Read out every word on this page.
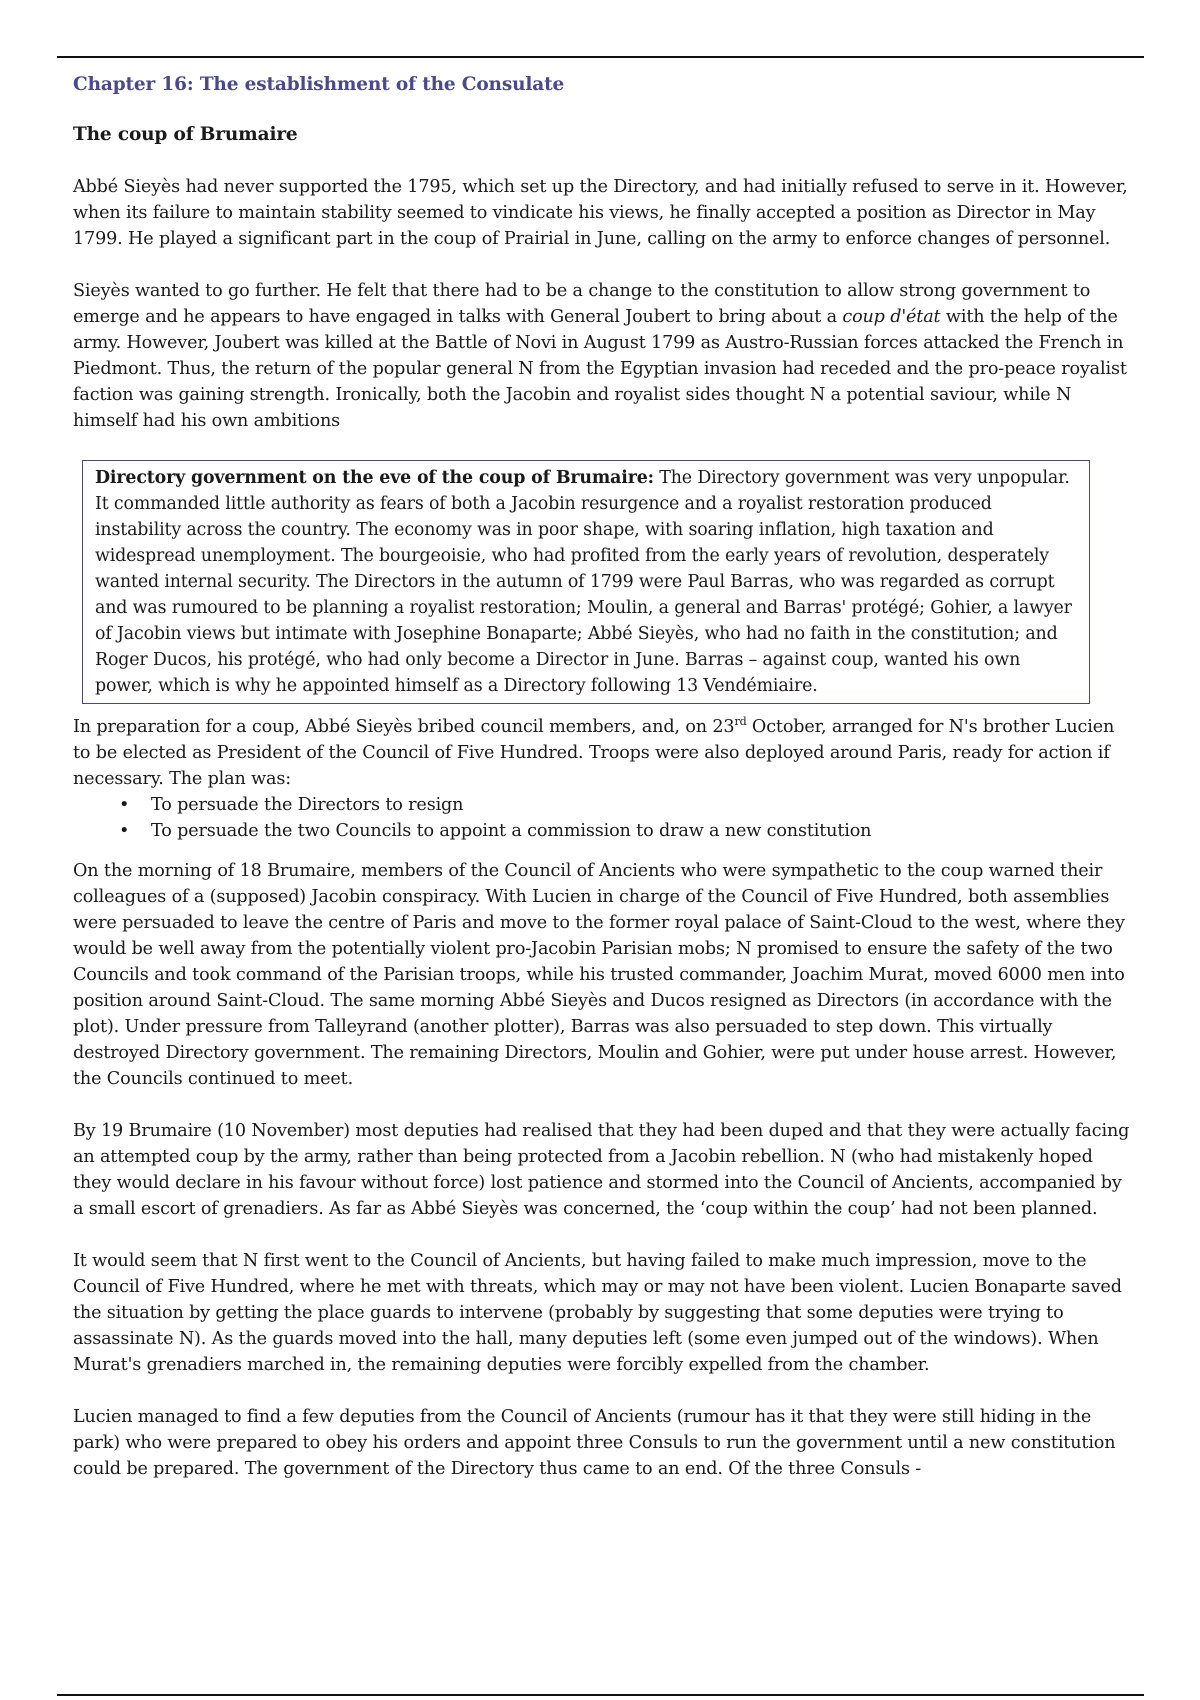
Chapter 16: The establishment of the Consulate
The coup of Brumaire

Abbé Sieyès had never supported the 1795, which set up the Directory, and had initially refused to serve in it. However, when its failure to maintain stability seemed to vindicate his views, he finally accepted a position as Director in May 1799. He played a significant part in the coup of Prairial in June, calling on the army to enforce changes of personnel.

Sieyès wanted to go further. He felt that there had to be a change to the constitution to allow strong government to emerge and he appears to have engaged in talks with General Joubert to bring about a coup d'état with the help of the army. However, Joubert was killed at the Battle of Novi in August 1799 as Austro-Russian forces attacked the French in Piedmont. Thus, the return of the popular general N from the Egyptian invasion had receded and the pro-peace royalist faction was gaining strength. Ironically, both the Jacobin and royalist sides thought N a potential saviour, while N himself had his own ambitions

Directory government on the eve of the coup of Brumaire: The Directory government was very unpopular. It commanded little authority as fears of both a Jacobin resurgence and a royalist restoration produced instability across the country. The economy was in poor shape, with soaring inflation, high taxation and widespread unemployment. The bourgeoisie, who had profited from the early years of revolution, desperately wanted internal security. The Directors in the autumn of 1799 were Paul Barras, who was regarded as corrupt and was rumoured to be planning a royalist restoration; Moulin, a general and Barras' protégé; Gohier, a lawyer of Jacobin views but intimate with Josephine Bonaparte; Abbé Sieyès, who had no faith in the constitution; and Roger Ducos, his protégé, who had only become a Director in June. Barras – against coup, wanted his own power, which is why he appointed himself as a Directory following 13 Vendémiaire.

In preparation for a coup, Abbé Sieyès bribed council members, and, on 23rd October, arranged for N's brother Lucien to be elected as President of the Council of Five Hundred. Troops were also deployed around Paris, ready for action if necessary. The plan was:

• To persuade the Directors to resign
• To persuade the two Councils to appoint a commission to draw a new constitution

On the morning of 18 Brumaire, members of the Council of Ancients who were sympathetic to the coup warned their colleagues of a (supposed) Jacobin conspiracy. With Lucien in charge of the Council of Five Hundred, both assemblies were persuaded to leave the centre of Paris and move to the former royal palace of Saint-Cloud to the west, where they would be well away from the potentially violent pro-Jacobin Parisian mobs; N promised to ensure the safety of the two Councils and took command of the Parisian troops, while his trusted commander, Joachim Murat, moved 6000 men into position around Saint-Cloud. The same morning Abbé Sieyès and Ducos resigned as Directors (in accordance with the plot). Under pressure from Talleyrand (another plotter), Barras was also persuaded to step down. This virtually destroyed Directory government. The remaining Directors, Moulin and Gohier, were put under house arrest. However, the Councils continued to meet.

By 19 Brumaire (10 November) most deputies had realised that they had been duped and that they were actually facing an attempted coup by the army, rather than being protected from a Jacobin rebellion. N (who had mistakenly hoped they would declare in his favour without force) lost patience and stormed into the Council of Ancients, accompanied by a small escort of grenadiers. As far as Abbé Sieyès was concerned, the ‘coup within the coup’ had not been planned.

It would seem that N first went to the Council of Ancients, but having failed to make much impression, move to the Council of Five Hundred, where he met with threats, which may or may not have been violent. Lucien Bonaparte saved the situation by getting the place guards to intervene (probably by suggesting that some deputies were trying to assassinate N). As the guards moved into the hall, many deputies left (some even jumped out of the windows). When Murat's grenadiers marched in, the remaining deputies were forcibly expelled from the chamber.

Lucien managed to find a few deputies from the Council of Ancients (rumour has it that they were still hiding in the park) who were prepared to obey his orders and appoint three Consuls to run the government until a new constitution could be prepared. The government of the Directory thus came to an end. Of the three Consuls -
